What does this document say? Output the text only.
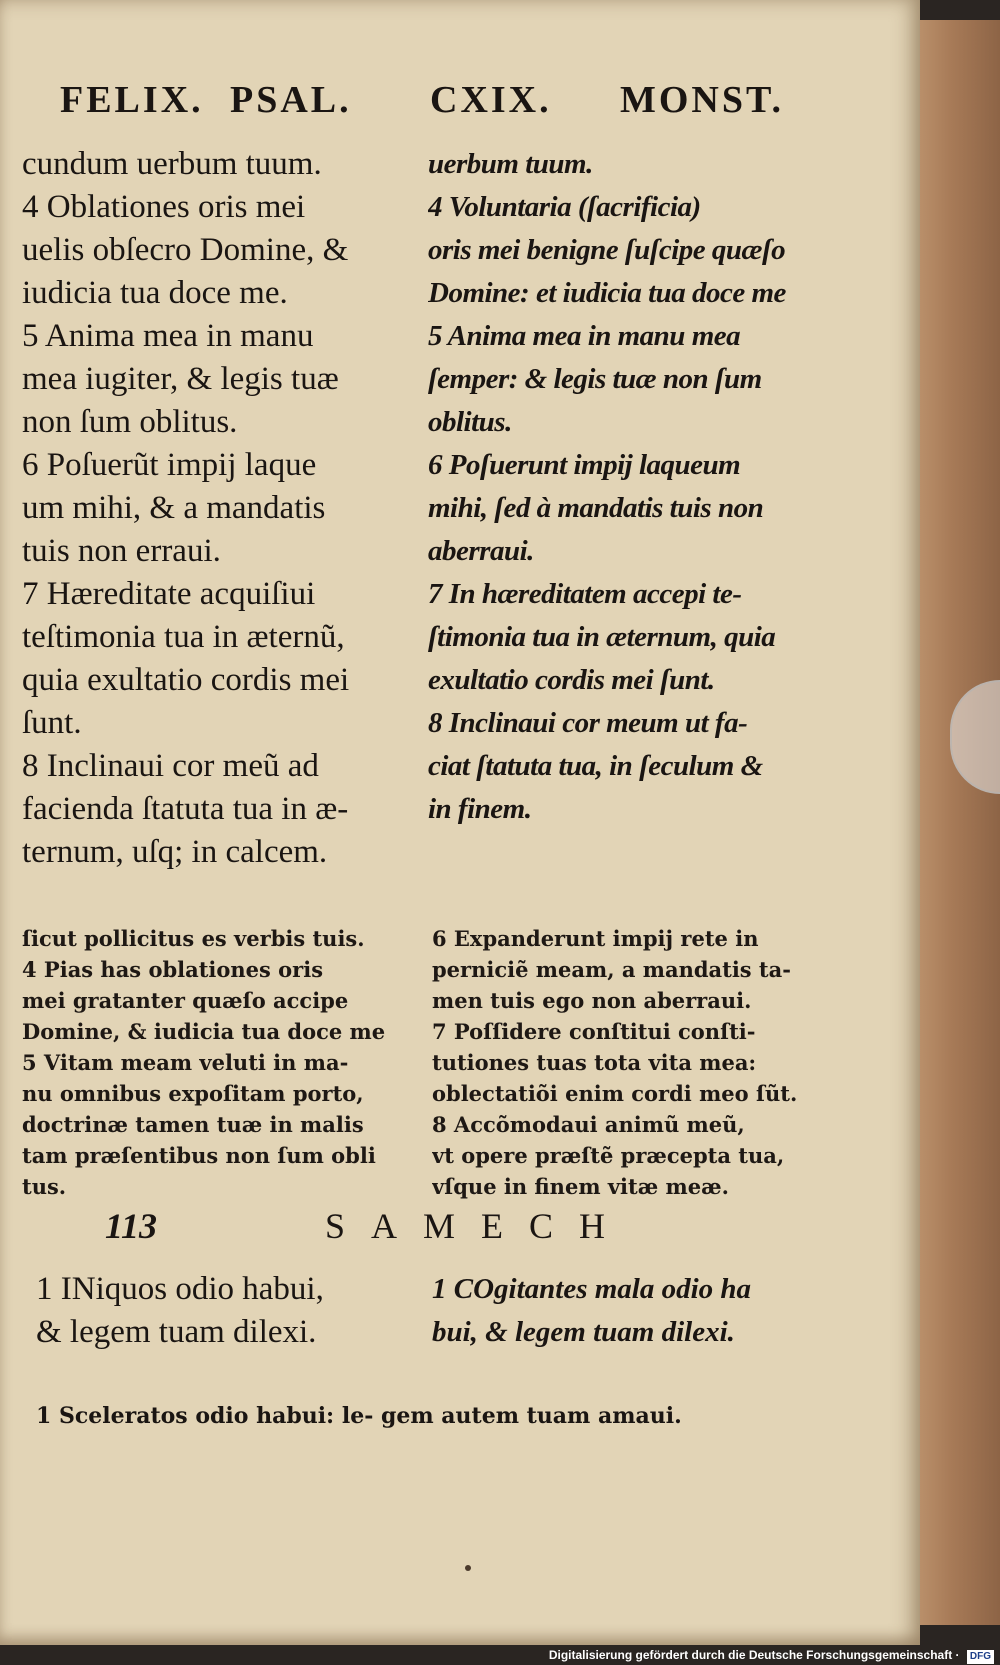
FELIX. PSAL. CXIX. MONST.
cundum uerbum tuum.
4 Oblationes oris mei
uelis obſecro Domine, &
iudicia tua doce me.
5 Anima mea in manu
mea iugiter, & legis tuæ
non ſum oblitus.
6 Poſuerũt impij laque
um mihi, & a mandatis
tuis non erraui.
7 Hæreditate acquiſiui
teſtimonia tua in æternũ,
quia exultatio cordis mei
ſunt.
8 Inclinaui cor meũ ad
facienda ſtatuta tua in æ-
ternum, uſq; in calcem.
uerbum tuum.
4 Voluntaria (ſacrificia)
oris mei benigne ſuſcipe quæſo
Domine: et iudicia tua doce me
5 Anima mea in manu mea
ſemper: & legis tuæ non ſum
oblitus.
6 Poſuerunt impij laqueum
mihi, ſed à mandatis tuis non
aberraui.
7 In hæreditatem accepi te-
ſtimonia tua in æternum, quia
exultatio cordis mei ſunt.
8 Inclinaui cor meum ut fa-
ciat ſtatuta tua, in ſeculum &
in finem.
ſicut pollicitus es verbis tuis.
4 Pias has oblationes oris
mei gratanter quæſo accipe
Domine, & iudicia tua doce me
5 Vitam meam veluti in ma-
nu omnibus expoſitam porto,
doctrinæ tamen tuæ in malis
tam præſentibus non ſum obli
tus.
6 Expanderunt impij rete in
perniciẽ meam, a mandatis ta-
men tuis ego non aberraui.
7 Poſſidere conſtitui conſti-
tutiones tuas tota vita mea:
oblectatiõi enim cordi meo ſũt.
8 Accõmodaui animũ meũ,
vt opere præſtẽ præcepta tua,
vſque in finem vitæ meæ.
113	SAMECH
1 INiquos odio habui,
& legem tuam dilexi.
1 COgitantes mala odio ha
bui, & legem tuam dilexi.
1 Sceleratos odio habui: le- gem autem tuam amaui.
Digitalisierung gefördert durch die Deutsche Forschungsgemeinschaft · DFG
